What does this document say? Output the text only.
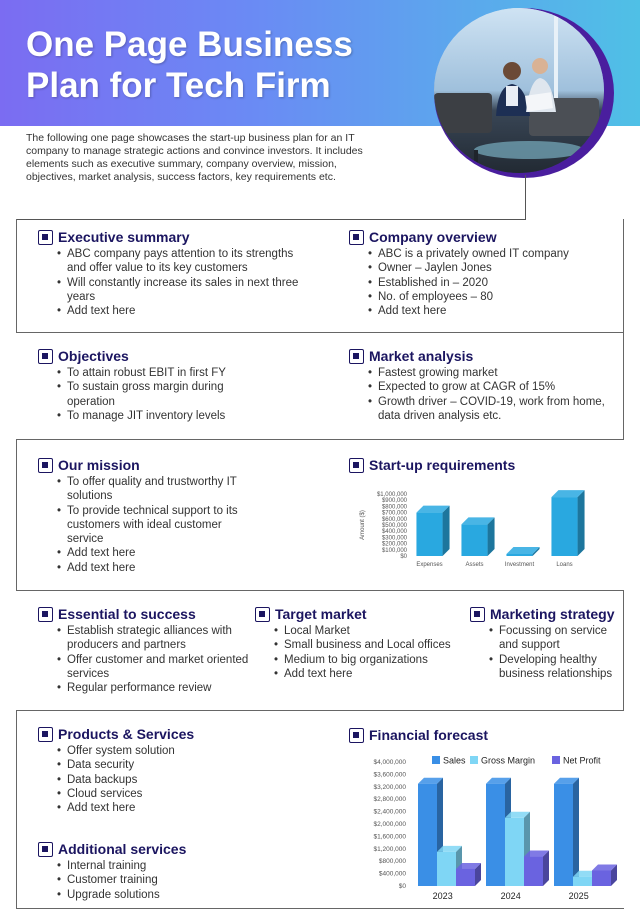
One Page Business
Plan for Tech Firm
The following one page showcases the start-up business plan for an IT company to manage strategic actions and convince investors. It includes elements such as executive summary, company overview, mission, objectives, market analysis, success factors, key requirements etc.
Executive summary
• ABC company pays attention to its strengths and offer value to its key customers
• Will constantly increase its sales in next three years
• Add text here
Company overview
• ABC is a privately owned IT company
• Owner – Jaylen Jones
• Established in – 2020
• No. of employees – 80
• Add text here
Objectives
• To attain robust EBIT in first FY
• To sustain gross margin during operation
• To manage JIT inventory levels
Market analysis
• Fastest growing market
• Expected to grow at CAGR of 15%
• Growth driver – COVID-19, work from home, data driven analysis etc.
Our mission
• To offer quality and trustworthy IT solutions
• To provide technical support to its customers with ideal customer service
• Add text here
• Add text here
Start-up requirements
Amount ($)
$1,000,000
$900,000
$800,000
$700,000
$600,000
$500,000
$400,000
$300,000
$200,000
$100,000
$0
Expenses	Assets	Investment	Loans
Essential to success
• Establish strategic alliances with producers and partners
• Offer customer and market oriented services
• Regular performance review
Target market
• Local Market
• Small business and Local offices
• Medium to big organizations
• Add text here
Marketing strategy
• Focussing on service and support
• Developing healthy business relationships
Products & Services
• Offer system solution
• Data security
• Data backups
• Cloud services
• Add text here
Additional services
• Internal training
• Customer training
• Upgrade solutions
Financial forecast
Sales Gross Margin	Net Profit
$4,000,000
$3,600,000
$3,200,000
$2,800,000
$2,400,000
$2,000,000
$1,600,000
$1,200,000
$800,000
$400,000
$0
2023	2024	2025
